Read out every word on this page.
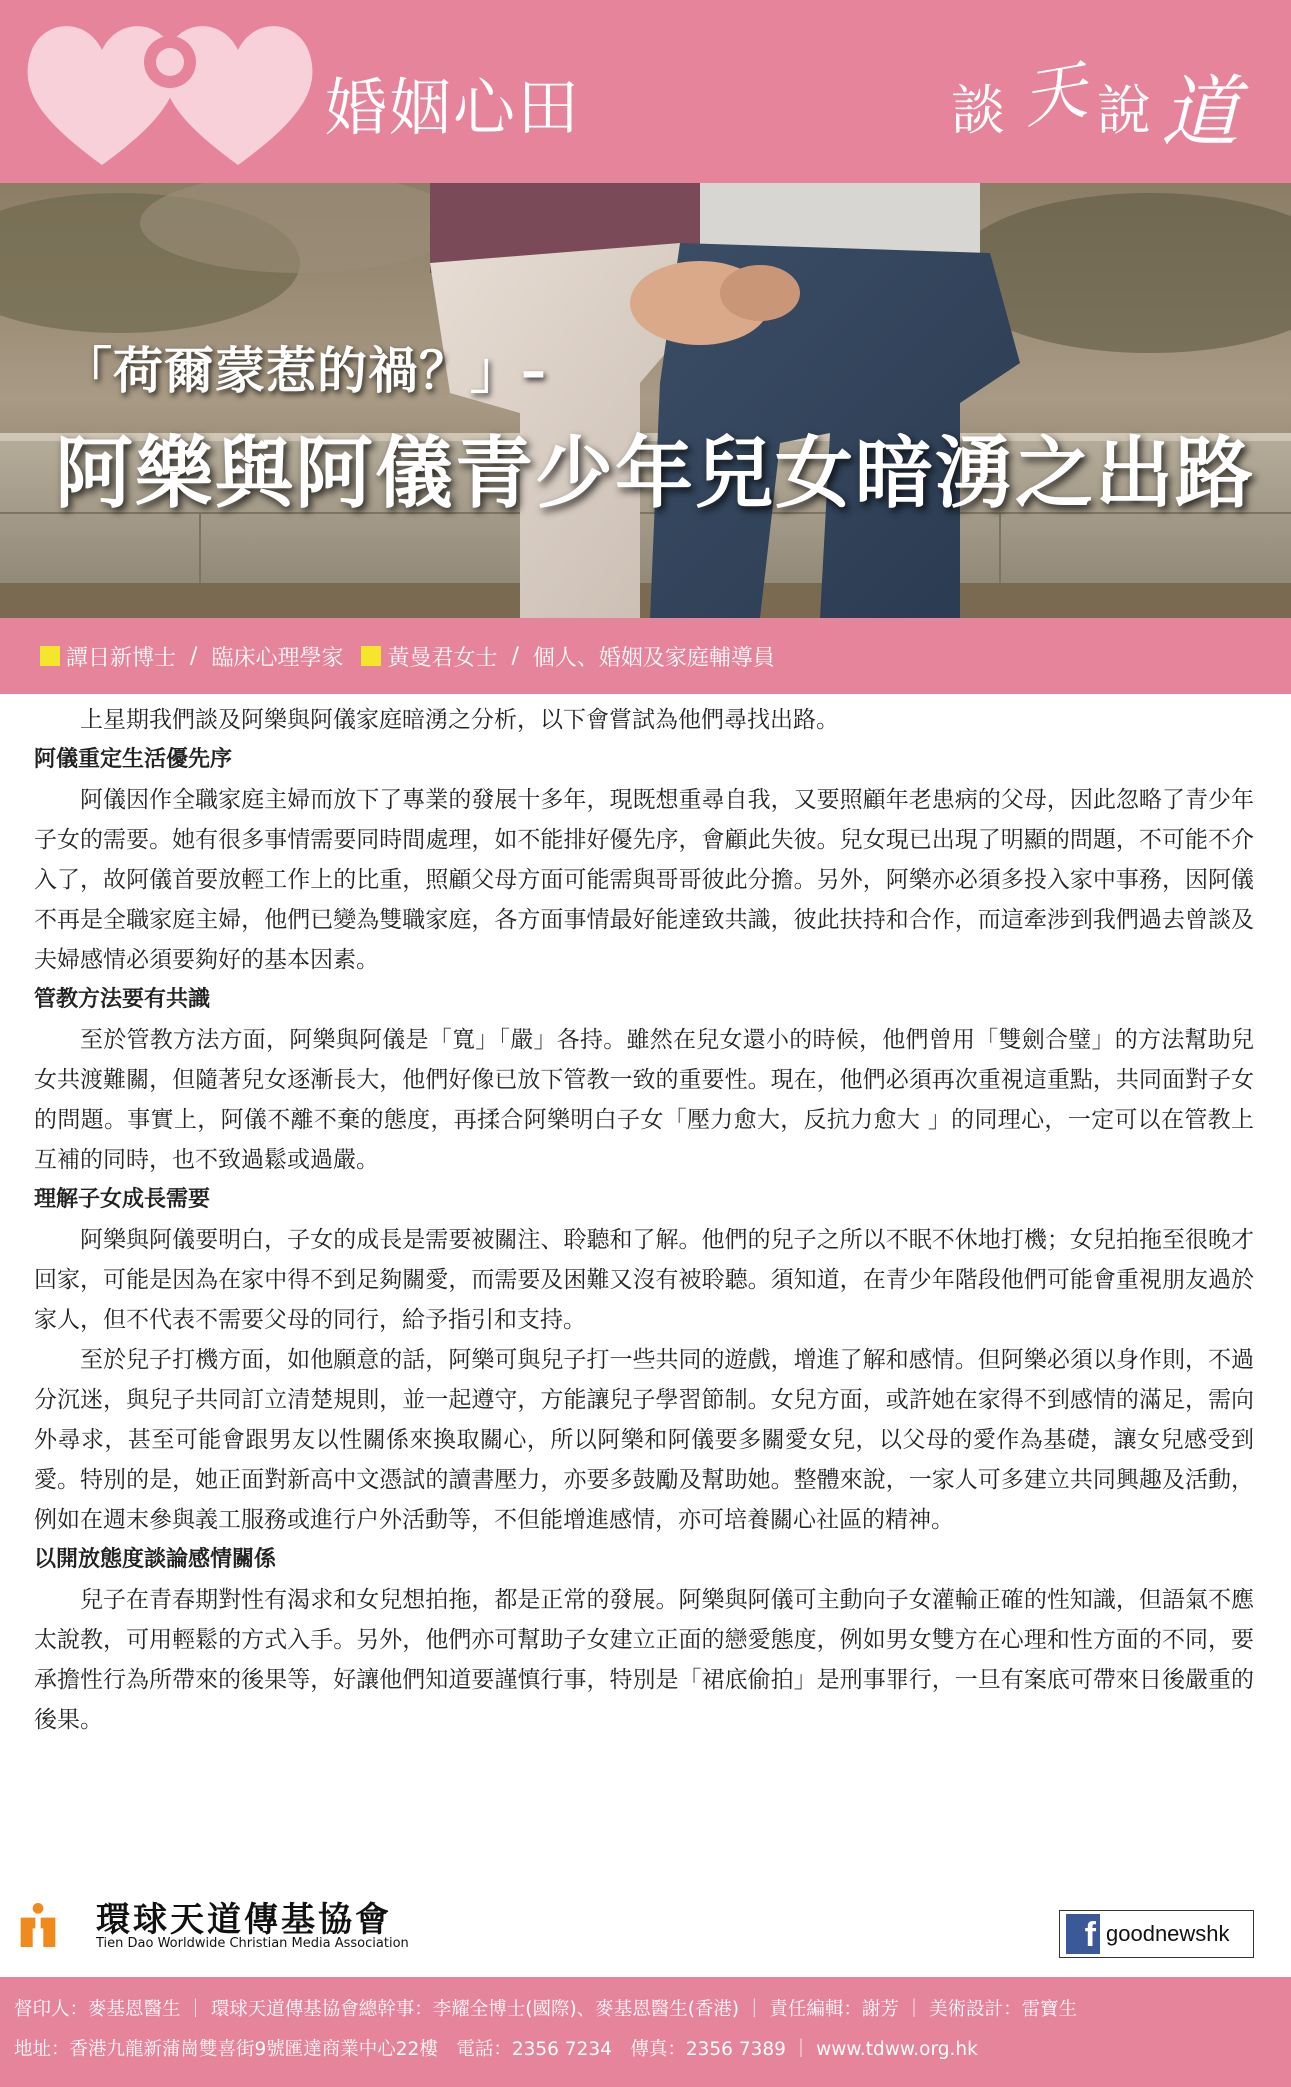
婚姻心田	談 天 說 道
「荷爾蒙惹的禍？」–
阿樂與阿儀青少年兒女暗湧之出路
譚日新博士 / 臨床心理學家 黃曼君女士 / 個人、婚姻及家庭輔導員

上星期我們談及阿樂與阿儀家庭暗湧之分析，以下會嘗試為他們尋找出路。

阿儀重定生活優先序

阿儀因作全職家庭主婦而放下了專業的發展十多年，現既想重尋自我，又要照顧年老患病的父母，因此忽略了青少年子女的需要。她有很多事情需要同時間處理，如不能排好優先序，會顧此失彼。兒女現已出現了明顯的問題，不可能不介入了，故阿儀首要放輕工作上的比重，照顧父母方面可能需與哥哥彼此分擔。另外，阿樂亦必須多投入家中事務，因阿儀不再是全職家庭主婦，他們已變為雙職家庭，各方面事情最好能達致共識，彼此扶持和合作，而這牽涉到我們過去曾談及夫婦感情必須要夠好的基本因素。

管教方法要有共識

至於管教方法方面，阿樂與阿儀是「寬」「嚴」各持。雖然在兒女還小的時候，他們曾用「雙劍合璧」的方法幫助兒女共渡難關，但隨著兒女逐漸長大，他們好像已放下管教一致的重要性。現在，他們必須再次重視這重點，共同面對子女的問題。事實上，阿儀不離不棄的態度，再揉合阿樂明白子女「壓力愈大，反抗力愈大 」的同理心，一定可以在管教上互補的同時，也不致過鬆或過嚴。

理解子女成長需要

阿樂與阿儀要明白，子女的成長是需要被關注、聆聽和了解。他們的兒子之所以不眠不休地打機；女兒拍拖至很晚才回家，可能是因為在家中得不到足夠關愛，而需要及困難又沒有被聆聽。須知道，在青少年階段他們可能會重視朋友過於家人，但不代表不需要父母的同行，給予指引和支持。

至於兒子打機方面，如他願意的話，阿樂可與兒子打一些共同的遊戲，增進了解和感情。但阿樂必須以身作則，不過分沉迷，與兒子共同訂立清楚規則，並一起遵守，方能讓兒子學習節制。女兒方面，或許她在家得不到感情的滿足，需向外尋求，甚至可能會跟男友以性關係來換取關心，所以阿樂和阿儀要多關愛女兒，以父母的愛作為基礎，讓女兒感受到愛。特別的是，她正面對新高中文憑試的讀書壓力，亦要多鼓勵及幫助她。整體來說，一家人可多建立共同興趣及活動，例如在週末參與義工服務或進行户外活動等，不但能增進感情，亦可培養關心社區的精神。

以開放態度談論感情關係

兒子在青春期對性有渴求和女兒想拍拖，都是正常的發展。阿樂與阿儀可主動向子女灌輸正確的性知識，但語氣不應太說教，可用輕鬆的方式入手。另外，他們亦可幫助子女建立正面的戀愛態度，例如男女雙方在心理和性方面的不同，要承擔性行為所帶來的後果等，好讓他們知道要謹慎行事，特別是「裙底偷拍」是刑事罪行，一旦有案底可帶來日後嚴重的後果。

環球天道傳基協會
Tien Dao Worldwide Christian Media Association	f goodnewshk
督印人：麥基恩醫生 ｜ 環球天道傳基協會總幹事：李耀全博士(國際)、麥基恩醫生(香港) ｜ 責任編輯：謝芳 ｜ 美術設計：雷寶生
地址：香港九龍新蒲崗雙喜街9號匯達商業中心22樓　電話：2356 7234　傳真：2356 7389 ｜ www.tdww.org.hk
